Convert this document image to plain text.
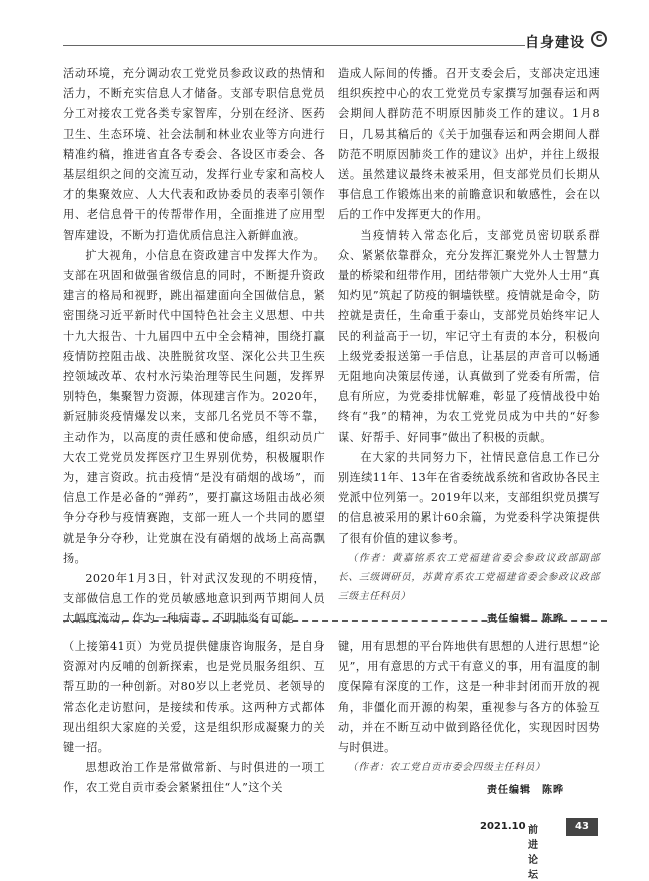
自身建设	C

活动环境，充分调动农工党党员参政议政的热情和活力，不断充实信息人才储备。支部专职信息党员分工对接农工党各类专家智库，分别在经济、医药卫生、生态环境、社会法制和林业农业等方向进行精准约稿，推进省直各专委会、各设区市委会、各基层组织之间的交流互动，发挥行业专家和高校人才的集聚效应、人大代表和政协委员的表率引领作用、老信息骨干的传帮带作用，全面推进了应用型智库建设，不断为打造优质信息注入新鲜血液。

扩大视角，小信息在资政建言中发挥大作为。支部在巩固和做强省级信息的同时，不断提升资政建言的格局和视野，跳出福建面向全国做信息，紧密围绕习近平新时代中国特色社会主义思想、中共十九大报告、十九届四中五中全会精神，围绕打赢疫情防控阻击战、决胜脱贫攻坚、深化公共卫生疾控领域改革、农村水污染治理等民生问题，发挥界别特色，集聚智力资源，体现建言作为。2020年，新冠肺炎疫情爆发以来，支部几名党员不等不靠，主动作为，以高度的责任感和使命感，组织动员广大农工党党员发挥医疗卫生界别优势，积极履职作为，建言资政。抗击疫情“是没有硝烟的战场”，而信息工作是必备的“弹药”，要打赢这场阻击战必须争分夺秒与疫情赛跑，支部一班人一个共同的愿望就是争分夺秒，让党旗在没有硝烟的战场上高高飘扬。

2020年1月3日，针对武汉发现的不明疫情，支部做信息工作的党员敏感地意识到两节期间人员大幅度流动，作为一种病毒、不明肺炎有可能

造成人际间的传播。召开支委会后，支部决定迅速组织疾控中心的农工党党员专家撰写加强春运和两会期间人群防范不明原因肺炎工作的建议。1月8日，几易其稿后的《关于加强春运和两会期间人群防范不明原因肺炎工作的建议》出炉，并往上级报送。虽然建议最终未被采用，但支部党员们长期从事信息工作锻炼出来的前瞻意识和敏感性，会在以后的工作中发挥更大的作用。

当疫情转入常态化后，支部党员密切联系群众、紧紧依靠群众，充分发挥汇聚党外人士智慧力量的桥梁和纽带作用，团结带领广大党外人士用“真知灼见”筑起了防疫的铜墙铁壁。疫情就是命令，防控就是责任，生命重于泰山，支部党员始终牢记人民的利益高于一切，牢记守土有责的本分，积极向上级党委报送第一手信息，让基层的声音可以畅通无阻地向决策层传递，认真做到了党委有所需，信息有所应，为党委排忧解难，彰显了疫情战役中始终有“我”的精神，为农工党党员成为中共的“好参谋、好帮手、好同事”做出了积极的贡献。

在大家的共同努力下，社情民意信息工作已分别连续11年、13年在省委统战系统和省政协各民主党派中位列第一。2019年以来，支部组织党员撰写的信息被采用的累计60余篇，为党委科学决策提供了很有价值的建议参考。

（作者：黄嘉铭系农工党福建省委会参政议政部副部长、三级调研员，苏黄育系农工党福建省委会参政议政部三级主任科员）

责任编辑　陈晔

（上接第41页）为党员提供健康咨询服务，是自身资源对内反哺的创新探索，也是党员服务组织、互帮互助的一种创新。对80岁以上老党员、老领导的常态化走访慰问，是接续和传承。这两种方式都体现出组织大家庭的关爱，这是组织形成凝聚力的关键一招。

思想政治工作是常做常新、与时俱进的一项工作，农工党自贡市委会紧紧扭住“人”这个关

键，用有思想的平台阵地供有思想的人进行思想“论见”，用有意思的方式干有意义的事，用有温度的制度保障有深度的工作，这是一种非封闭而开放的视角，非僵化而开源的构架，重视参与各方的体验互动，并在不断互动中做到路径优化，实现因时因势与时俱进。

（作者：农工党自贡市委会四级主任科员）

责任编辑　陈晔

2021.10 前进论坛
43
